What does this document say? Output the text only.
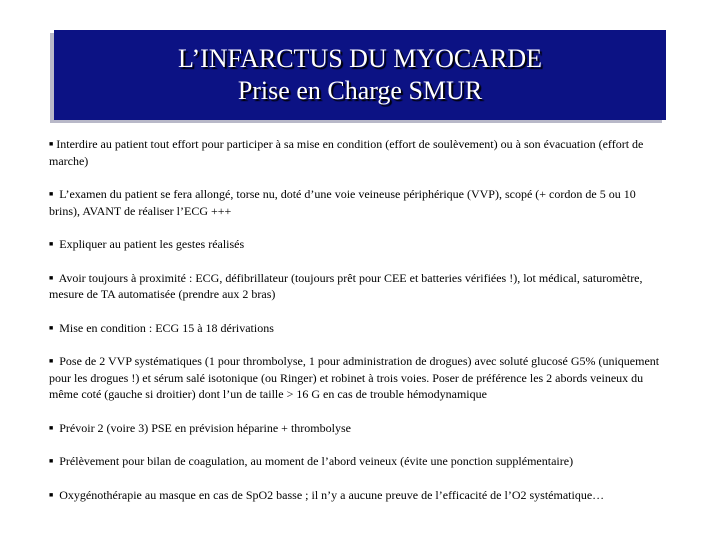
L’INFARCTUS DU MYOCARDE
Prise en Charge SMUR
■ Interdire au patient tout effort pour participer à sa mise en condition (effort de soulèvement) ou à son évacuation (effort de marche)
■ L’examen du patient se fera allongé, torse nu, doté d’une voie veineuse périphérique (VVP), scopé (+ cordon de 5 ou 10 brins), AVANT de réaliser l’ECG +++
■ Expliquer au patient les gestes réalisés
■ Avoir toujours à proximité : ECG, défibrillateur (toujours prêt pour CEE et batteries vérifiées !), lot médical, saturomètre, mesure de TA automatisée (prendre aux 2 bras)
■ Mise en condition : ECG 15 à 18 dérivations
■ Pose de 2 VVP systématiques (1 pour thrombolyse, 1 pour administration de drogues) avec soluté glucosé G5% (uniquement pour les drogues !) et sérum salé isotonique (ou Ringer) et robinet à trois voies. Poser de préférence les 2 abords veineux du même coté (gauche si droitier) dont l’un de taille > 16 G en cas de trouble hémodynamique
■ Prévoir 2 (voire 3) PSE en prévision héparine + thrombolyse
■ Prélèvement pour bilan de coagulation, au moment de l’abord veineux (évite une ponction supplémentaire)
■ Oxygénothérapie au masque en cas de SpO2 basse ; il n’y a aucune preuve de l’efficacité de l’O2 systématique…
